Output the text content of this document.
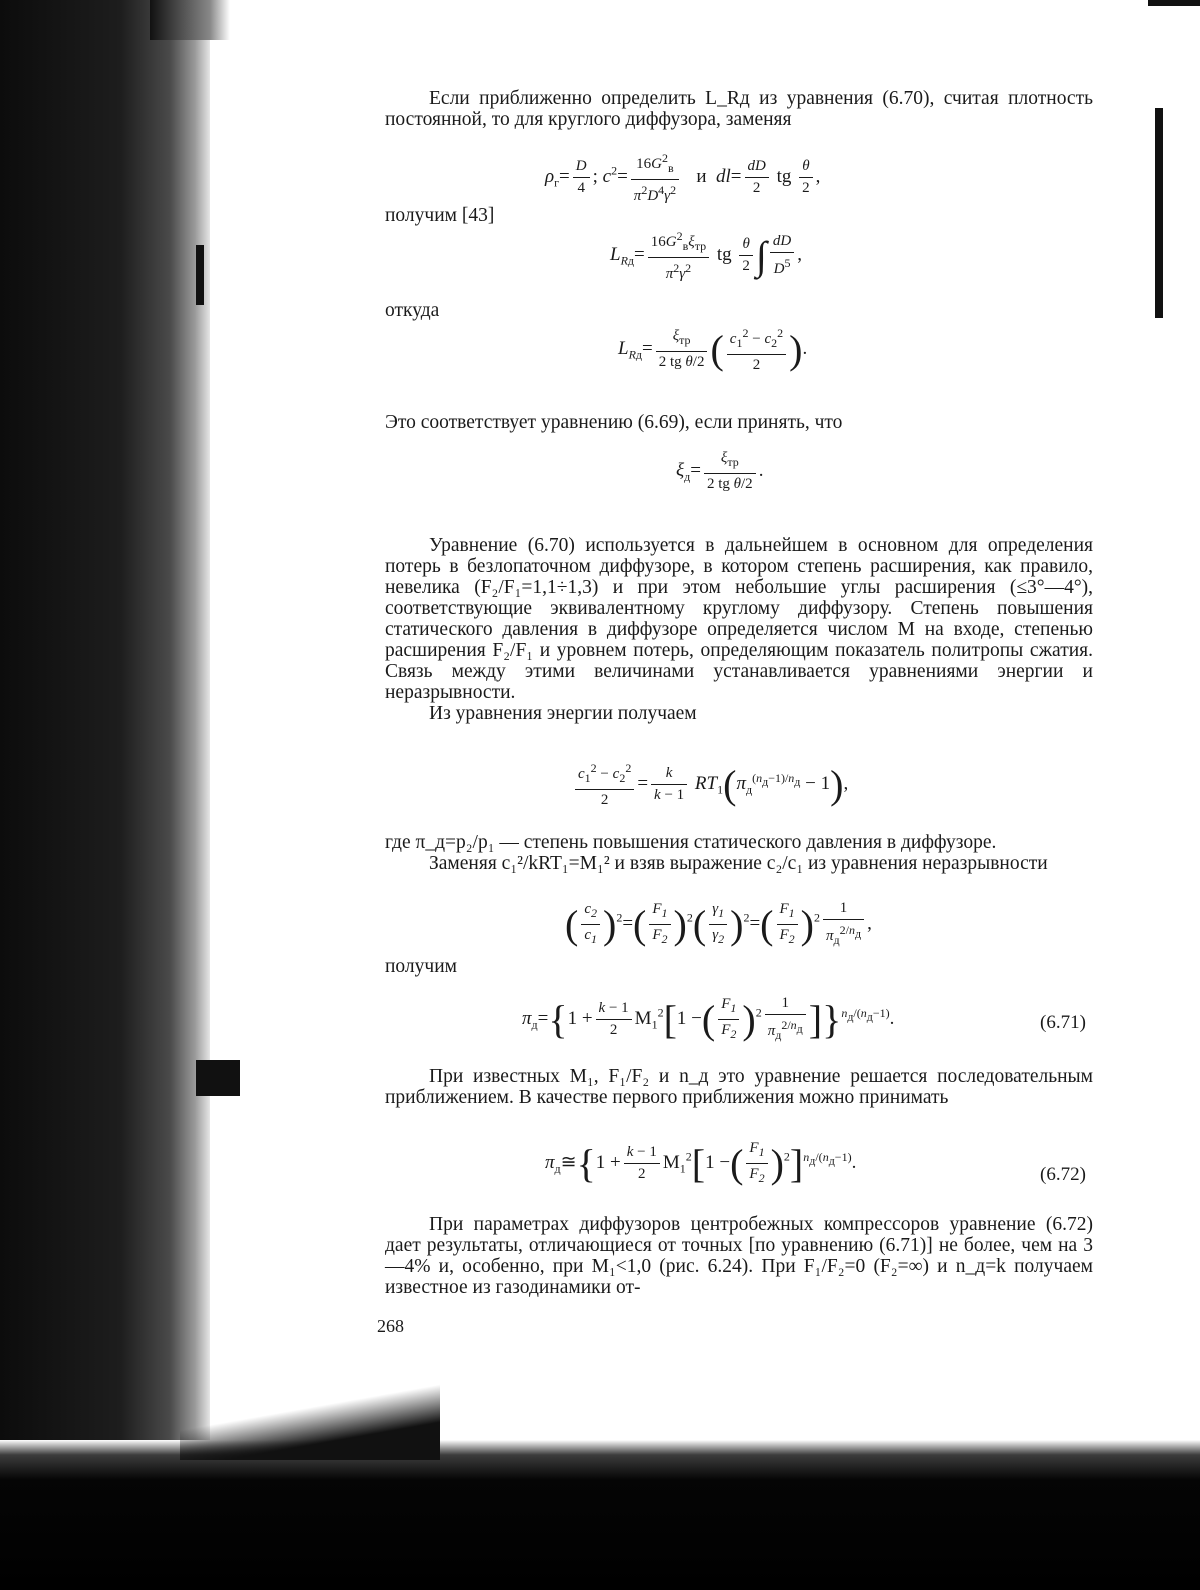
Если приближенно определить L_Rд из уравнения (6.70), считая плотность постоянной, то для круглого диффузора, заменяя

$\rho_г= \frac{D}{4}$ ; $c^2= \frac{16G^2_в}{\pi^2D^4\gamma^2}$ и  $dl= \frac{dD}{2}$ tg $\frac{\theta}{2}$ ,
получим [43]
$L_{Rд}= \frac{16G^2_в\xi_{тр}}{\pi^2\gamma^2}$ tg $\frac{\theta}{2}$ ∫ $\frac{dD}{D^5}$ ,
откуда
$L_{Rд}= \frac{\xi_{тр}}{\text{2 tg θ/2}}$ ( $\frac{c_1^2 - c_2^2}{2}$ ).

Это соответствует уравнению (6.69), если принять, что

$\xi_д= \frac{\xi_{тр}}{\text{2 tg θ/2}}$ .

Уравнение (6.70) используется в дальнейшем в основном для определения потерь в безлопаточном диффузоре, в котором степень расширения, как правило, невелика (F₂/F₁=1,1÷1,3) и при этом небольшие углы расширения (≤3°—4°), соответствующие эквивалентному круглому диффузору. Степень повышения статического давления в диффузоре определяется числом M на входе, степенью расширения F₂/F₁ и уровнем потерь, определяющим показатель политропы сжатия. Связь между этими величинами устанавливается уравнениями энергии и неразрывности.

Из уравнения энергии получаем

$\frac{c_1^2 - c_2^2}{2} = \frac{k}{k - 1} RT_1(\pi_д^{(n_д-1)/n_д} - 1)$,

где π_д=p₂/p₁ — степень повышения статического давления в диффузоре.

Заменяя c₁²/kRT₁=M₁² и взяв выражение c₂/c₁ из уравнения неразрывности

( $\frac{c_2}{c_1} )^2=( \frac{F_1}{F_2} )^2( \frac{\gamma_1}{\gamma_2} )^2=( \frac{F_1}{F_2} )^2 \frac{1}{\pi_д^{2/n_д}}$ ,
получим
$\pi_д=\{1 + \frac{k - 1}{2} M_1^2[1$ −( $\frac{F_1}{F_2} )^2 \frac{1}{\pi_д^{2/n_д}} ]\}^{n_д/(n_д-1)}$.	(6.71)

При известных M₁, F₁/F₂ и n_д это уравнение решается последовательным приближением. В качестве первого приближения можно принимать

$\pi_д≅\{1 + \frac{k - 1}{2} M_1^2[1$ −( $\frac{F_1}{F_2} )^2]^{n_д/(n_д-1)}$.
(6.72)

При параметрах диффузоров центробежных компрессоров уравнение (6.72) дает результаты, отличающиеся от точных [по уравнению (6.71)] не более, чем на 3—4% и, особенно, при M₁<1,0 (рис. 6.24). При F₁/F₂=0 (F₂=∞) и n_д=k получаем известное из газодинамики от-

268
